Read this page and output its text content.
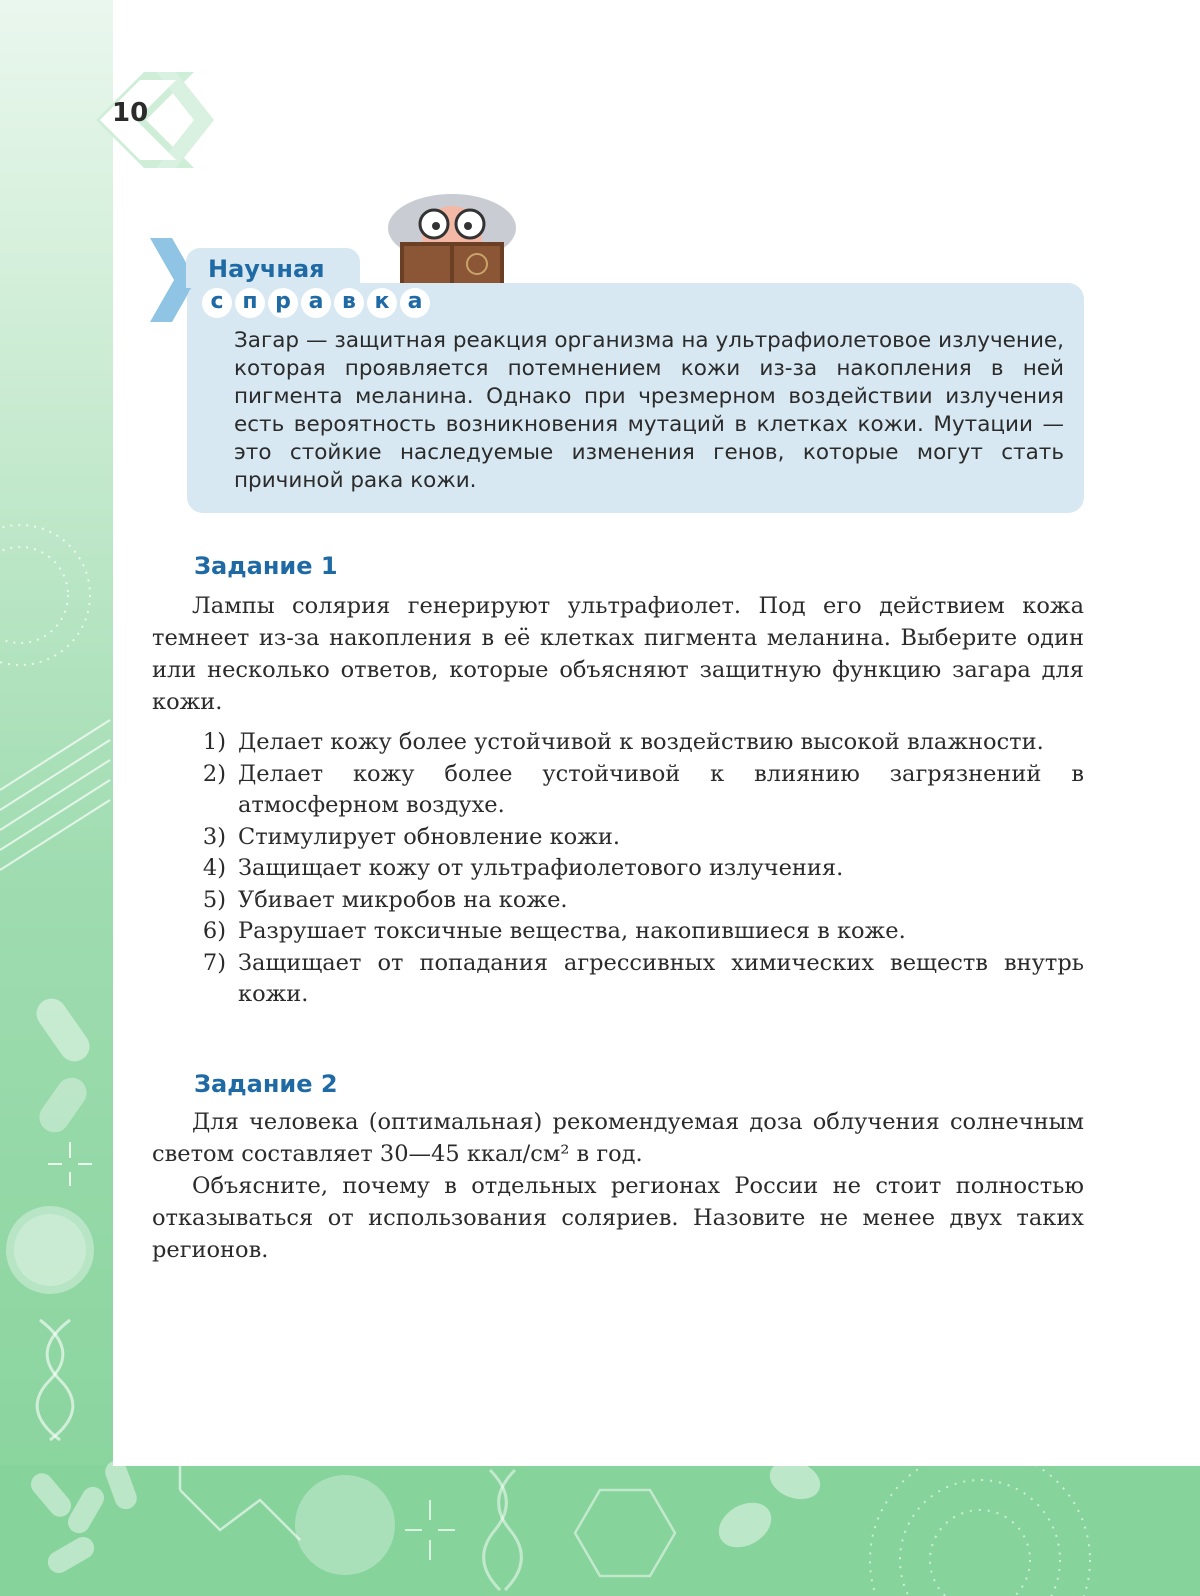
10
Научная
с п р а в к а
Загар — защитная реакция организма на ультрафиолетовое излучение, которая проявляется потемнением кожи из-за накопления в ней пигмента меланина. Однако при чрезмерном воздействии излучения есть вероятность возникновения мутаций в клетках кожи. Мутации — это стойкие наследуемые изменения генов, которые могут стать причиной рака кожи.
Задание 1

Лампы солярия генерируют ультрафиолет. Под его действием кожа темнеет из-за накопления в её клетках пигмента меланина. Выберите один или несколько ответов, которые объясняют защитную функцию загара для кожи.

1) Делает кожу более устойчивой к воздействию высокой влажности.
2) Делает кожу более устойчивой к влиянию загрязнений в атмосферном воздухе.
3) Стимулирует обновление кожи.
4) Защищает кожу от ультрафиолетового излучения.
5) Убивает микробов на коже.
6) Разрушает токсичные вещества, накопившиеся в коже.
7) Защищает от попадания агрессивных химических веществ внутрь кожи.
Задание 2

Для человека (оптимальная) рекомендуемая доза облучения солнечным светом составляет 30—45 ккал/см² в год.

Объясните, почему в отдельных регионах России не стоит полностью отказываться от использования соляриев. Назовите не менее двух таких регионов.
